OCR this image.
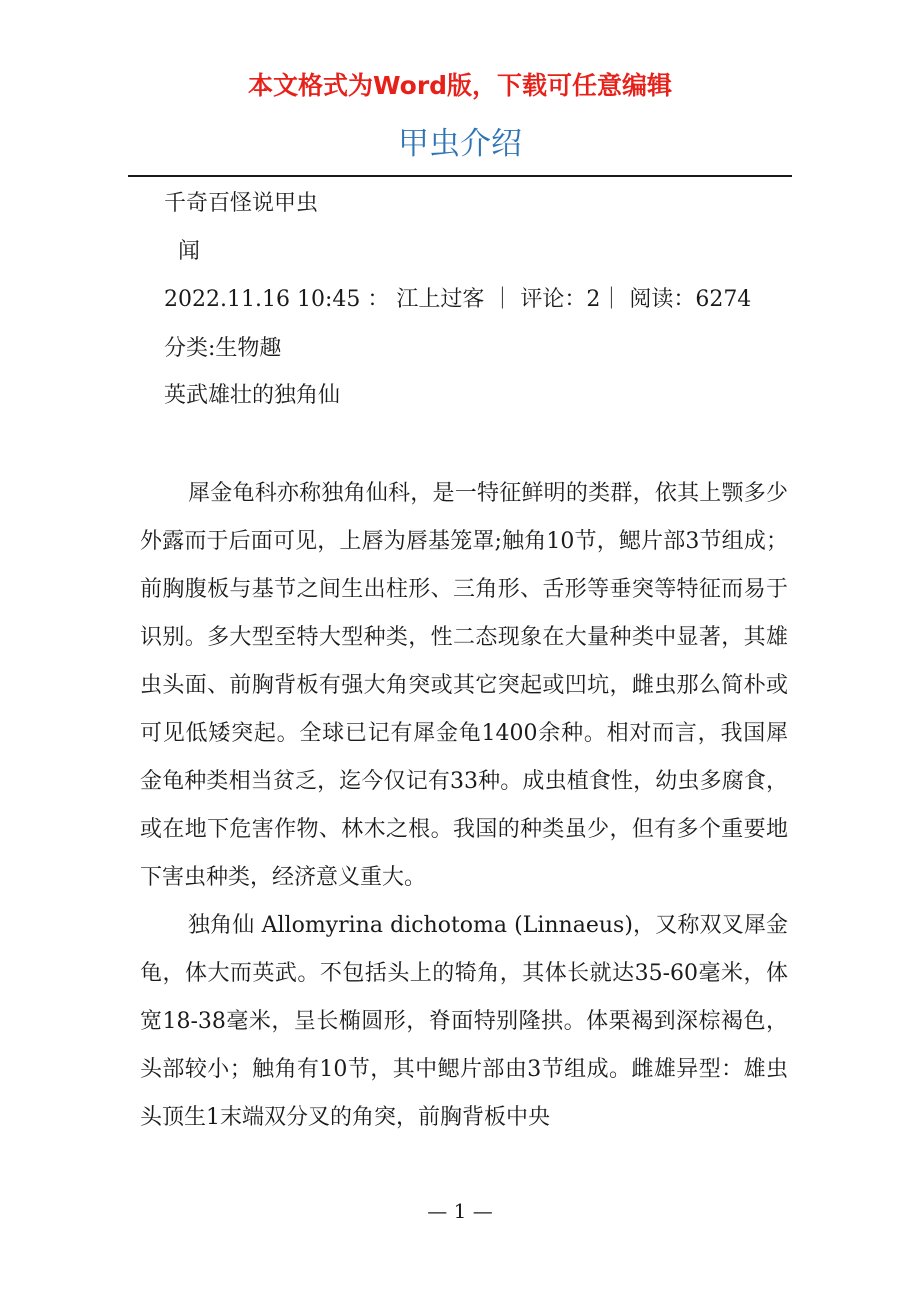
本文格式为Word版，下载可任意编辑
甲虫介绍
千奇百怪说甲虫
闻
2022.11.16 10:45 ： 江上过客 ｜ 评论：2｜ 阅读：6274
分类:生物趣
英武雄壮的独角仙

犀金龟科亦称独角仙科，是一特征鲜明的类群，依其上颚多少外露而于后面可见，上唇为唇基笼罩;触角10节，鳃片部3节组成；前胸腹板与基节之间生出柱形、三角形、舌形等垂突等特征而易于识别。多大型至特大型种类，性二态现象在大量种类中显著，其雄虫头面、前胸背板有强大角突或其它突起或凹坑，雌虫那么简朴或可见低矮突起。全球已记有犀金龟1400余种。相对而言，我国犀金龟种类相当贫乏，迄今仅记有33种。成虫植食性，幼虫多腐食，或在地下危害作物、林木之根。我国的种类虽少，但有多个重要地下害虫种类，经济意义重大。

独角仙 Allomyrina dichotoma (Linnaeus)，又称双叉犀金龟，体大而英武。不包括头上的犄角，其体长就达35-60毫米，体宽18-38毫米，呈长椭圆形，脊面特别隆拱。体栗褐到深棕褐色，头部较小；触角有10节，其中鳃片部由3节组成。雌雄异型：雄虫头顶生1末端双分叉的角突，前胸背板中央

— 1 —
